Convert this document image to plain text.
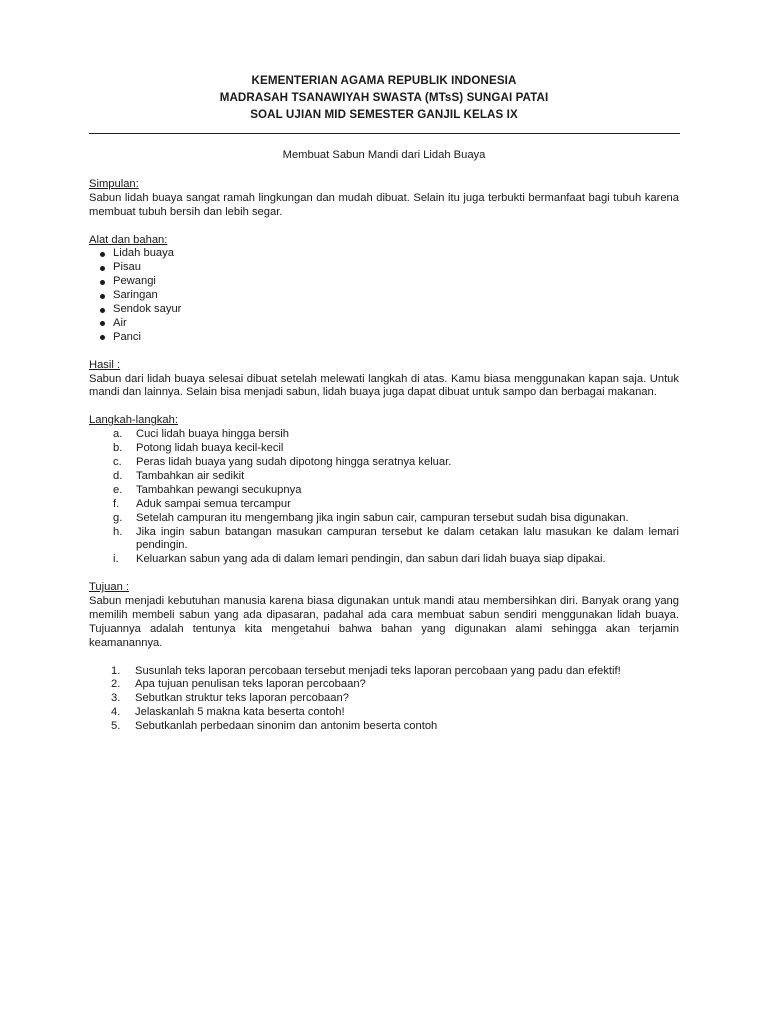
KEMENTERIAN AGAMA REPUBLIK INDONESIA
MADRASAH TSANAWIYAH SWASTA (MTsS) SUNGAI PATAI
SOAL UJIAN MID SEMESTER GANJIL KELAS IX
Membuat Sabun Mandi dari Lidah Buaya
Simpulan:

Sabun lidah buaya sangat ramah lingkungan dan mudah dibuat. Selain itu juga terbukti bermanfaat bagi tubuh karena membuat tubuh bersih dan lebih segar.

Alat dan bahan:
Lidah buaya
Pisau
Pewangi
Saringan
Sendok sayur
Air
Panci
Hasil :

Sabun dari lidah buaya selesai dibuat setelah melewati langkah di atas. Kamu biasa menggunakan kapan saja. Untuk mandi dan lainnya. Selain bisa menjadi sabun, lidah buaya juga dapat dibuat untuk sampo dan berbagai makanan.

Langkah-langkah:
a. Cuci lidah buaya hingga bersih
b. Potong lidah buaya kecil-kecil
c. Peras lidah buaya yang sudah dipotong hingga seratnya keluar.
d. Tambahkan air sedikit
e. Tambahkan pewangi secukupnya
f. Aduk sampai semua tercampur
g. Setelah campuran itu mengembang jika ingin sabun cair, campuran tersebut sudah bisa digunakan.
h. Jika ingin sabun batangan masukan campuran tersebut ke dalam cetakan lalu masukan ke dalam lemari pendingin.
i. Keluarkan sabun yang ada di dalam lemari pendingin, dan sabun dari lidah buaya siap dipakai.
Tujuan :

Sabun menjadi kebutuhan manusia karena biasa digunakan untuk mandi atau membersihkan diri. Banyak orang yang memilih membeli sabun yang ada dipasaran, padahal ada cara membuat sabun sendiri menggunakan lidah buaya. Tujuannya adalah tentunya kita mengetahui bahwa bahan yang digunakan alami sehingga akan terjamin keamanannya.

1. Susunlah teks laporan percobaan tersebut menjadi teks laporan percobaan yang padu dan efektif!
2. Apa tujuan penulisan teks laporan percobaan?
3. Sebutkan struktur teks laporan percobaan?
4. Jelaskanlah 5 makna kata beserta contoh!
5. Sebutkanlah perbedaan sinonim dan antonim beserta contoh
